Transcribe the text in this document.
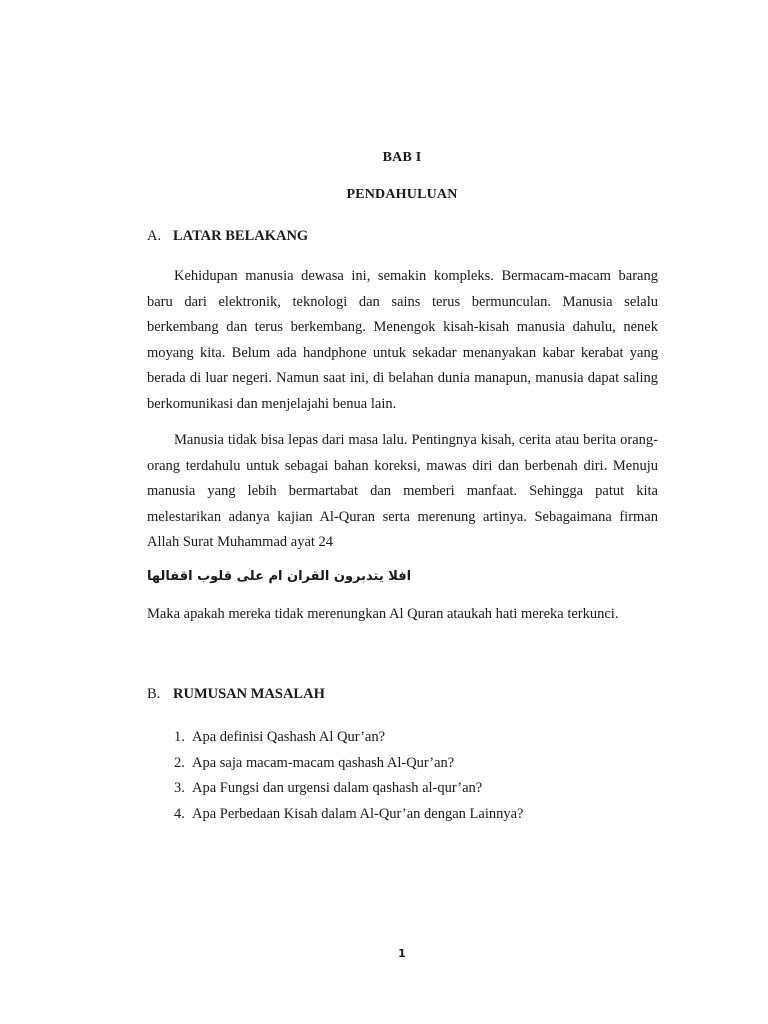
BAB I
PENDAHULUAN
A. LATAR BELAKANG

Kehidupan manusia dewasa ini, semakin kompleks. Bermacam-macam barang baru dari elektronik, teknologi dan sains terus bermunculan. Manusia selalu berkembang dan terus berkembang. Menengok kisah-kisah manusia dahulu, nenek moyang kita. Belum ada handphone untuk sekadar menanyakan kabar kerabat yang berada di luar negeri. Namun saat ini, di belahan dunia manapun, manusia dapat saling berkomunikasi dan menjelajahi benua lain.

Manusia tidak bisa lepas dari masa lalu. Pentingnya kisah, cerita atau berita orang-orang terdahulu untuk sebagai bahan koreksi, mawas diri dan berbenah diri. Menuju manusia yang lebih bermartabat dan memberi manfaat. Sehingga patut kita melestarikan adanya kajian Al-Quran serta merenung artinya. Sebagaimana firman Allah Surat Muhammad ayat 24

افلا يتدبرون القران ام على قلوب اقفالها
Maka apakah mereka tidak merenungkan Al Quran ataukah hati mereka terkunci.
B. RUMUSAN MASALAH
1. Apa definisi Qashash Al Qur’an?
2. Apa saja macam-macam qashash Al-Qur’an?
3. Apa Fungsi dan urgensi dalam qashash al-qur’an?
4. Apa Perbedaan Kisah dalam Al-Qur’an dengan Lainnya?
1
